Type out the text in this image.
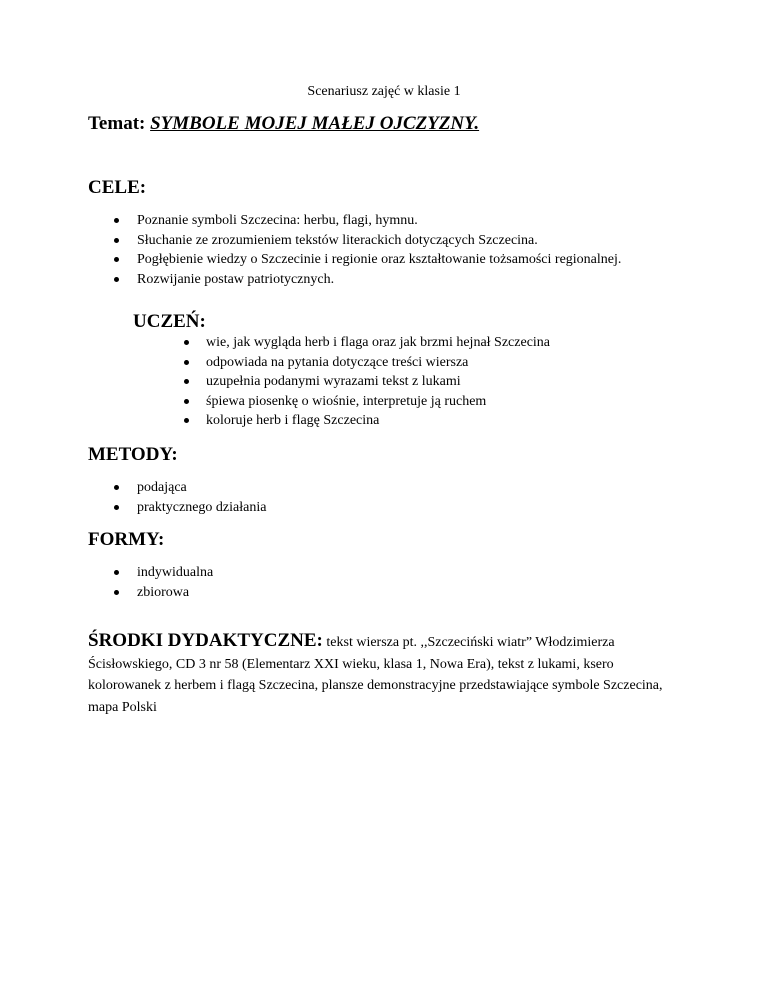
Scenariusz zajęć w klasie 1
Temat: SYMBOLE MOJEJ MAŁEJ OJCZYZNY.
CELE:
Poznanie symboli Szczecina: herbu, flagi, hymnu.
Słuchanie ze zrozumieniem tekstów literackich dotyczących Szczecina.
Pogłębienie wiedzy o Szczecinie i regionie oraz kształtowanie tożsamości regionalnej.
Rozwijanie postaw patriotycznych.
UCZEŃ:
wie, jak wygląda herb i flaga oraz jak brzmi hejnał Szczecina
odpowiada na pytania dotyczące treści wiersza
uzupełnia podanymi wyrazami tekst z lukami
śpiewa piosenkę o wiośnie, interpretuje ją ruchem
koloruje herb i flagę Szczecina
METODY:
podająca
praktycznego działania
FORMY:
indywidualna
zbiorowa
ŚRODKI DYDAKTYCZNE: tekst wiersza pt. ,,Szczeciński wiatr” Włodzimierza Ścisłowskiego, CD 3 nr 58 (Elementarz XXI wieku, klasa 1, Nowa Era), tekst z lukami, ksero kolorowanek z herbem i flagą Szczecina, plansze demonstracyjne przedstawiające symbole Szczecina, mapa Polski
